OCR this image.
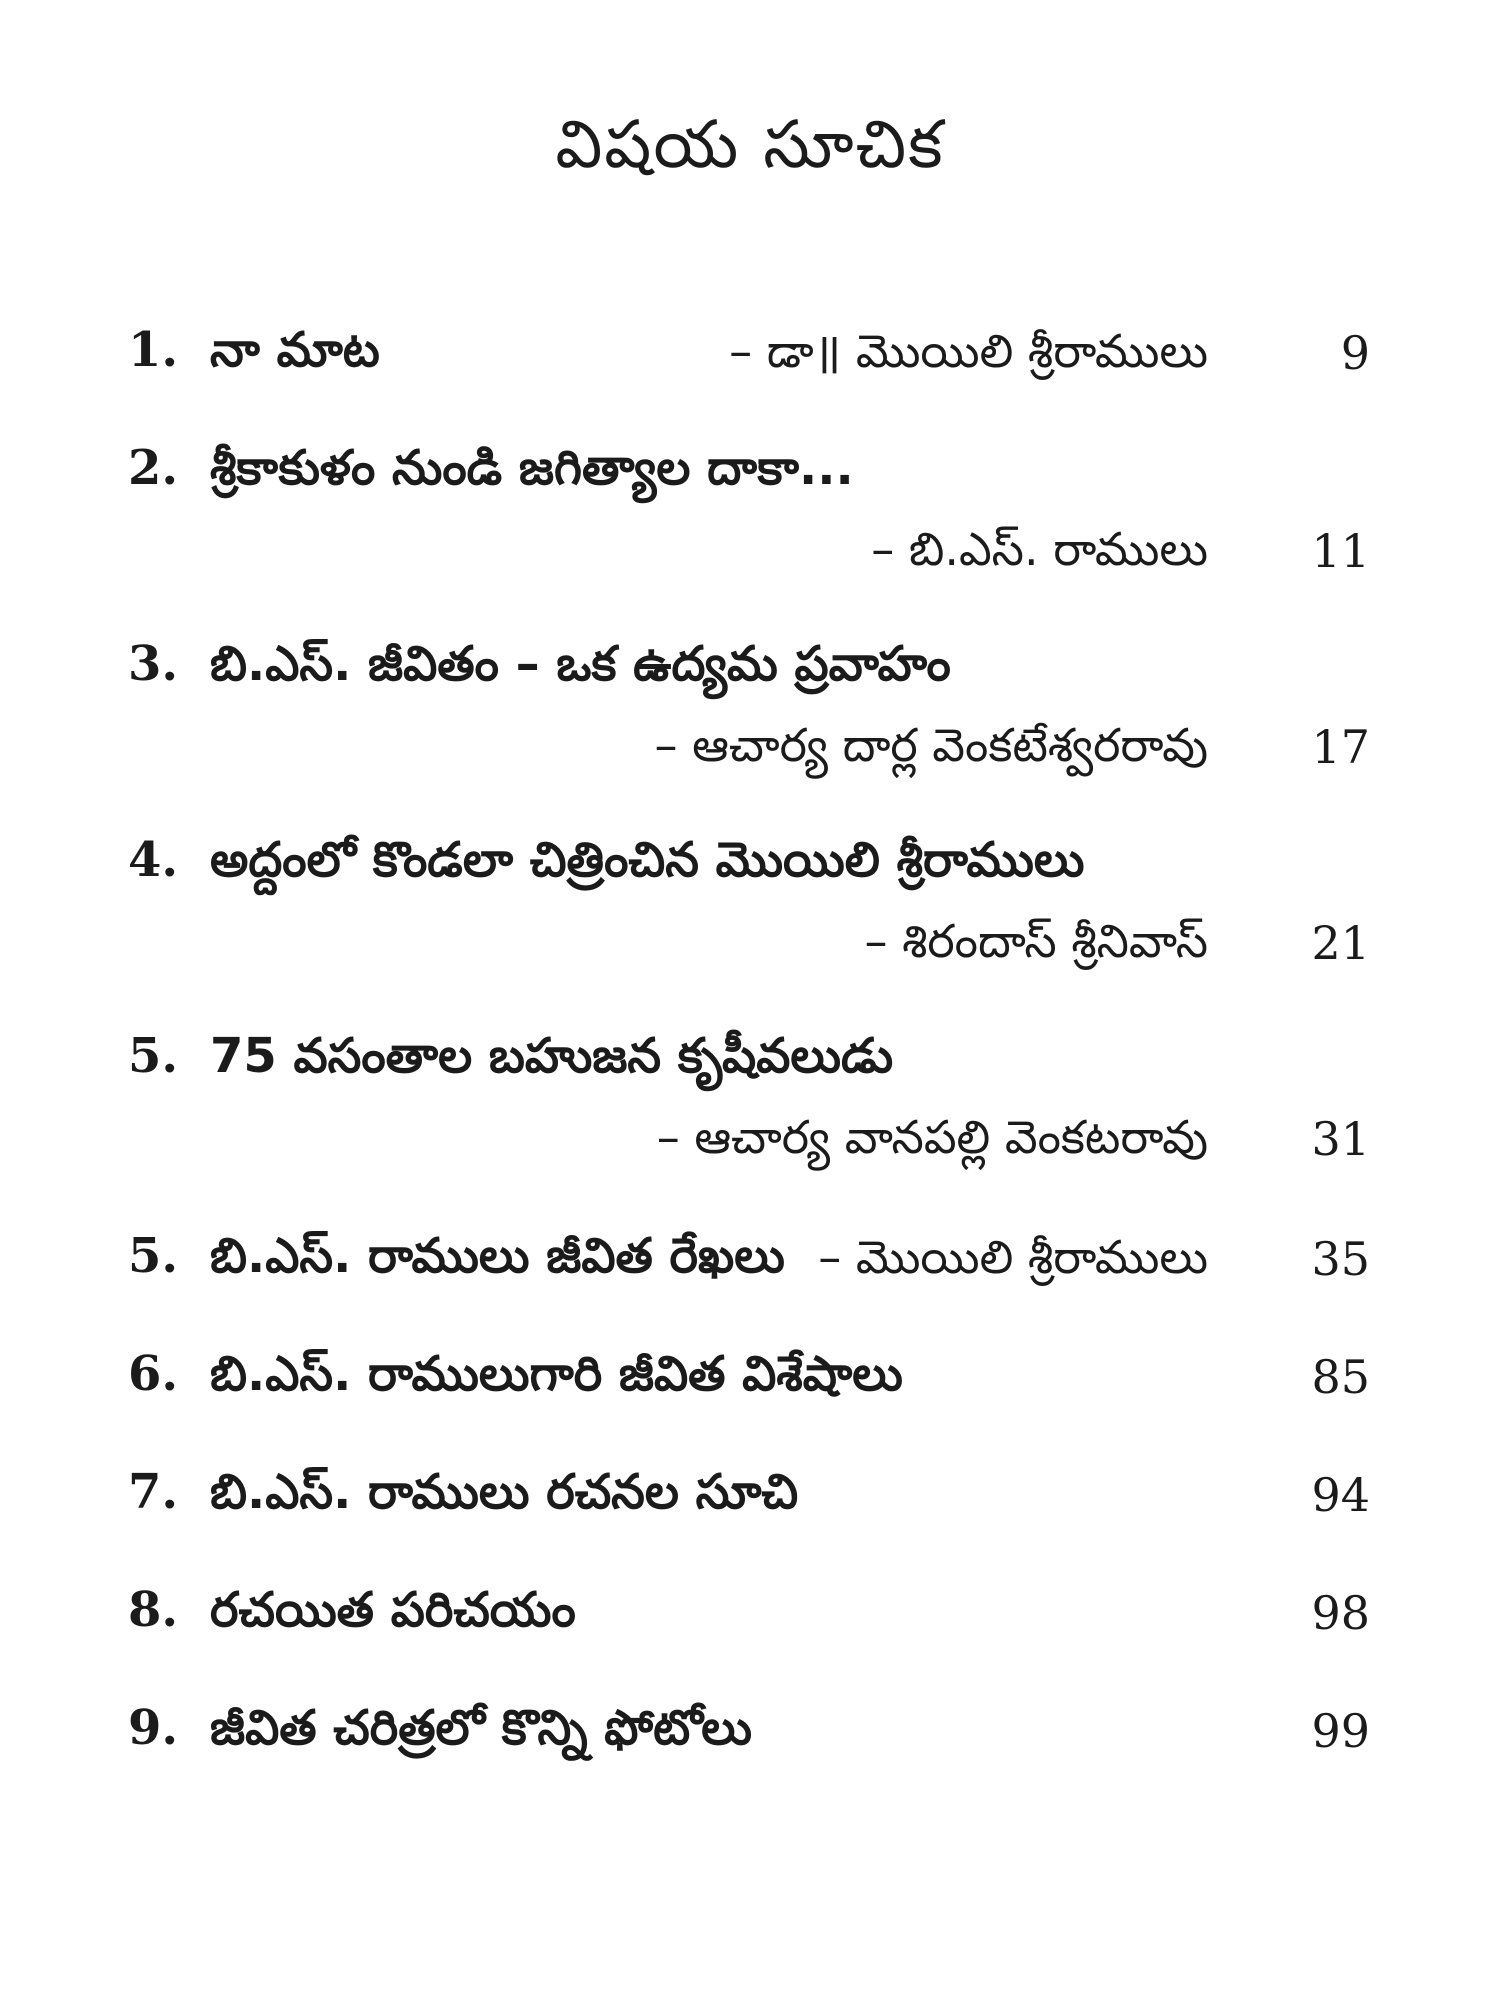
విషయ సూచిక
1. నా మాట	– డా॥ మొయిలి శ్రీరాములు	9
2. శ్రీకాకుళం నుండి జగిత్యాల దాకా...
– బి.ఎస్. రాములు	11
3. బి.ఎస్. జీవితం – ఒక ఉద్యమ ప్రవాహం
– ఆచార్య దార్ల వెంకటేశ్వరరావు	17
4. అద్దంలో కొండలా చిత్రించిన మొయిలి శ్రీరాములు
– శిరందాస్ శ్రీనివాస్	21
5. 75 వసంతాల బహుజన కృషీవలుడు
– ఆచార్య వానపల్లి వెంకటరావు	31
5. బి.ఎస్. రాములు జీవిత రేఖలు – మొయిలి శ్రీరాములు	35
6. బి.ఎస్. రాములుగారి జీవిత విశేషాలు	85
7. బి.ఎస్. రాములు రచనల సూచి	94
8. రచయిత పరిచయం	98
9. జీవిత చరిత్రలో కొన్ని ఫోటోలు	99
